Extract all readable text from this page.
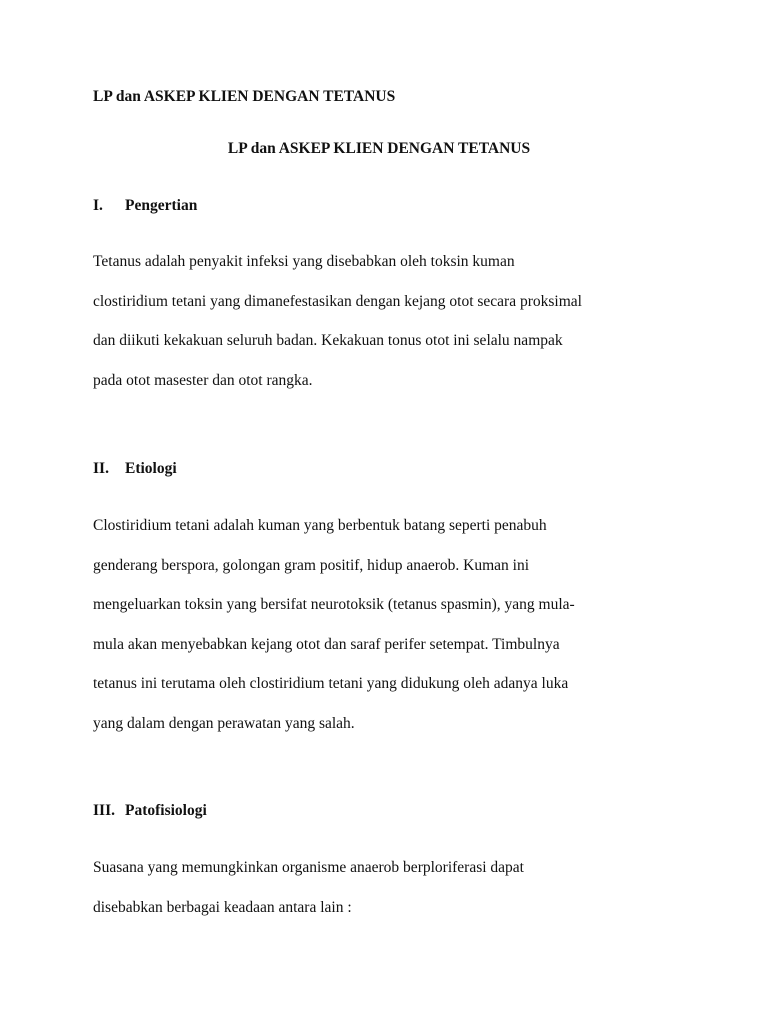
LP dan ASKEP KLIEN DENGAN TETANUS
LP dan ASKEP KLIEN DENGAN TETANUS
I. Pengertian

Tetanus adalah penyakit infeksi yang disebabkan oleh toksin kuman
clostiridium tetani yang dimanefestasikan dengan kejang otot secara proksimal
dan diikuti kekakuan seluruh badan. Kekakuan tonus otot ini selalu nampak
pada otot masester dan otot rangka.

II. Etiologi

Clostiridium tetani adalah kuman yang berbentuk batang seperti penabuh
genderang berspora, golongan gram positif, hidup anaerob. Kuman ini
mengeluarkan toksin yang bersifat neurotoksik (tetanus spasmin), yang mula-
mula akan menyebabkan kejang otot dan saraf perifer setempat. Timbulnya
tetanus ini terutama oleh clostiridium tetani yang didukung oleh adanya luka
yang dalam dengan perawatan yang salah.

III. Patofisiologi

Suasana yang memungkinkan organisme anaerob berploriferasi dapat
disebabkan berbagai keadaan antara lain :
